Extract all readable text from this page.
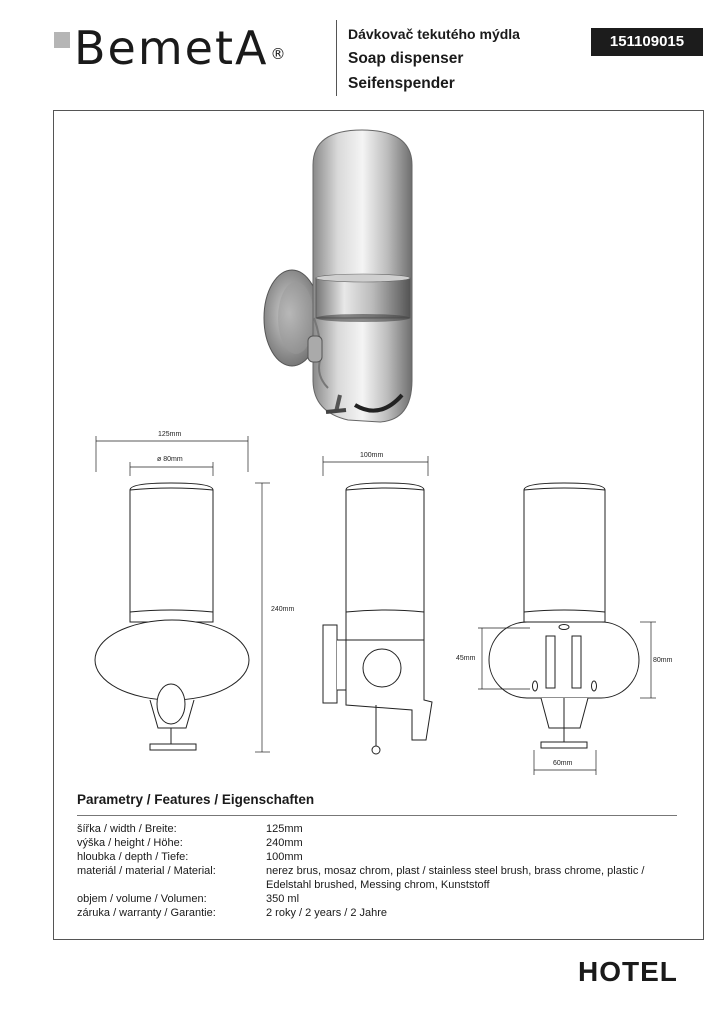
BemetA ®
Dávkovač tekutého mýdla
Soap dispenser
Seifenspender
151109015
125mm
ø 80mm
240mm
100mm
45mm	80mm
60mm
Parametry / Features / Eigenschaften
šířka / width / Breite:	125mm
výška / height / Höhe:	240mm
hloubka / depth / Tiefe:	100mm
materiál / material / Material:	nerez brus, mosaz chrom, plast / stainless steel brush, brass chrome, plastic / Edelstahl brushed, Messing chrom, Kunststoff
objem / volume / Volumen:	350 ml
záruka / warranty / Garantie:	2 roky / 2 years / 2 Jahre
HOTEL
